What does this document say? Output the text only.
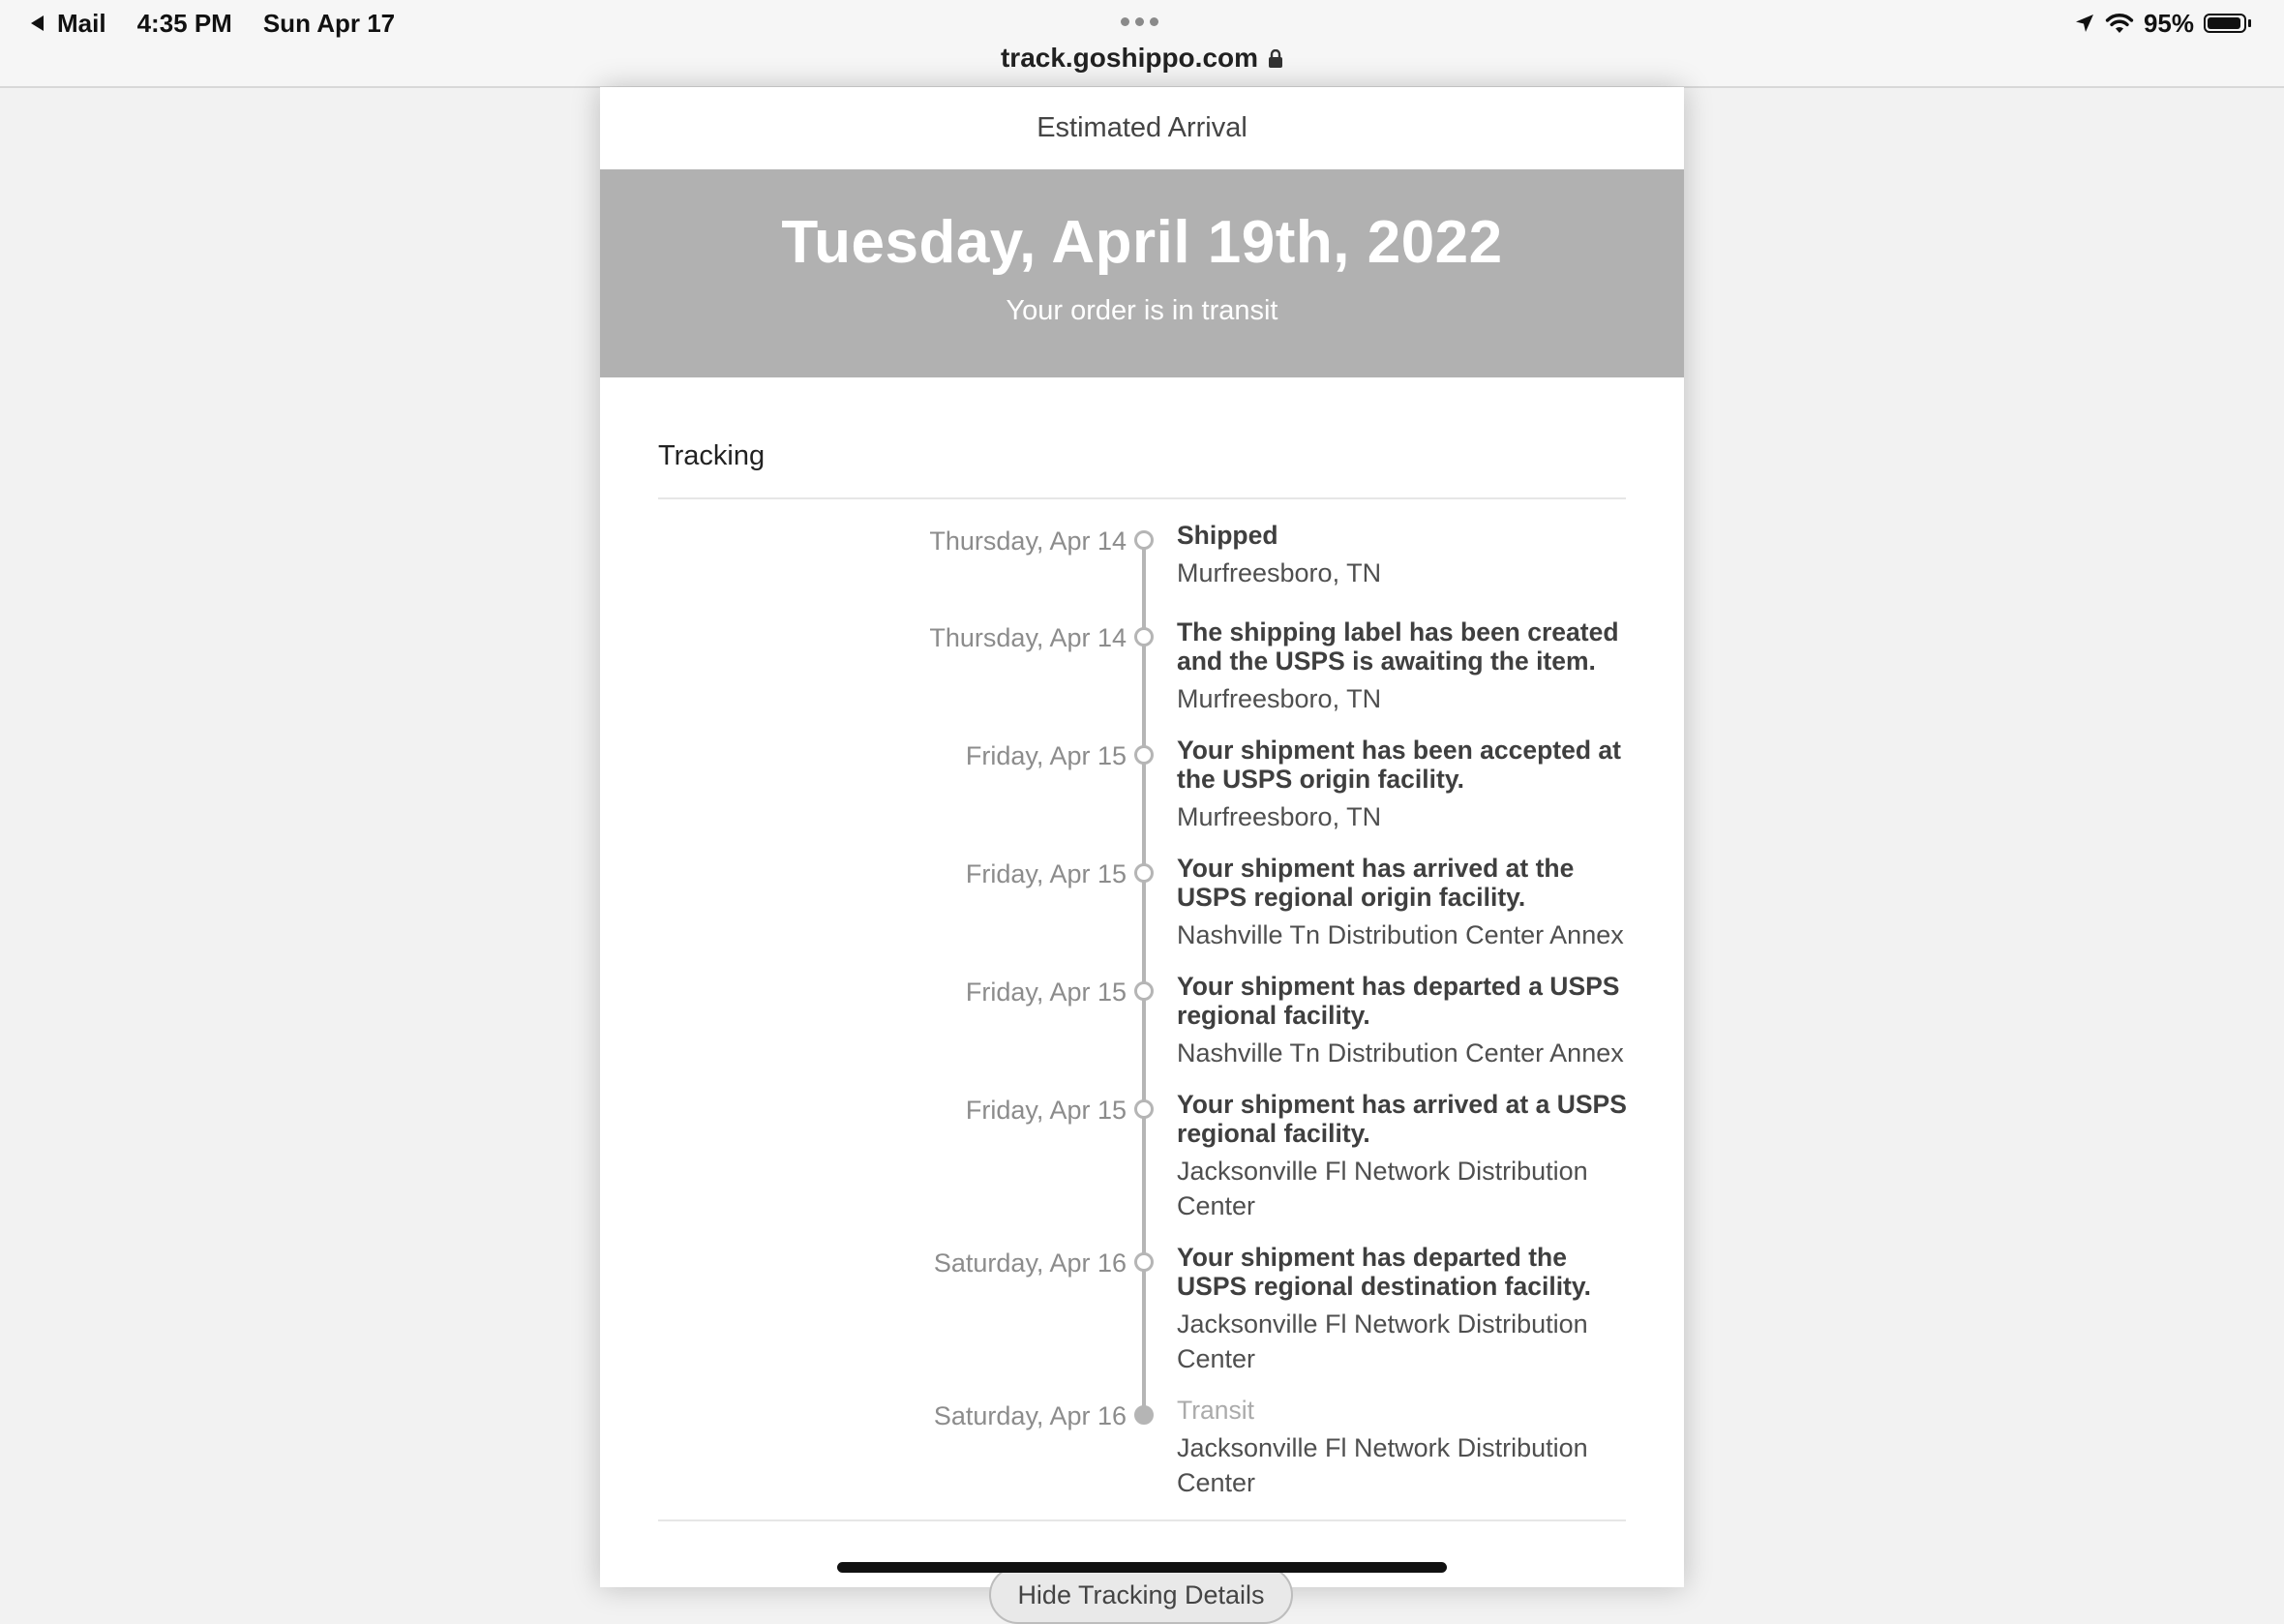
Mail 4:35 PM Sun Apr 17
track.goshippo.com
95%
Estimated Arrival
Tuesday, April 19th, 2022
Your order is in transit
Tracking
Thursday, Apr 14 Shipped
Murfreesboro, TN
Thursday, Apr 14 The shipping label has been created and the USPS is awaiting the item.
Murfreesboro, TN
Friday, Apr 15 Your shipment has been accepted at the USPS origin facility.
Murfreesboro, TN
Friday, Apr 15 Your shipment has arrived at the USPS regional origin facility.
Nashville Tn Distribution Center Annex
Friday, Apr 15 Your shipment has departed a USPS regional facility.
Nashville Tn Distribution Center Annex
Friday, Apr 15 Your shipment has arrived at a USPS regional facility.
Jacksonville Fl Network Distribution Center
Saturday, Apr 16 Your shipment has departed the USPS regional destination facility.
Jacksonville Fl Network Distribution Center
Saturday, Apr 16 Transit
Jacksonville Fl Network Distribution Center
Hide Tracking Details
